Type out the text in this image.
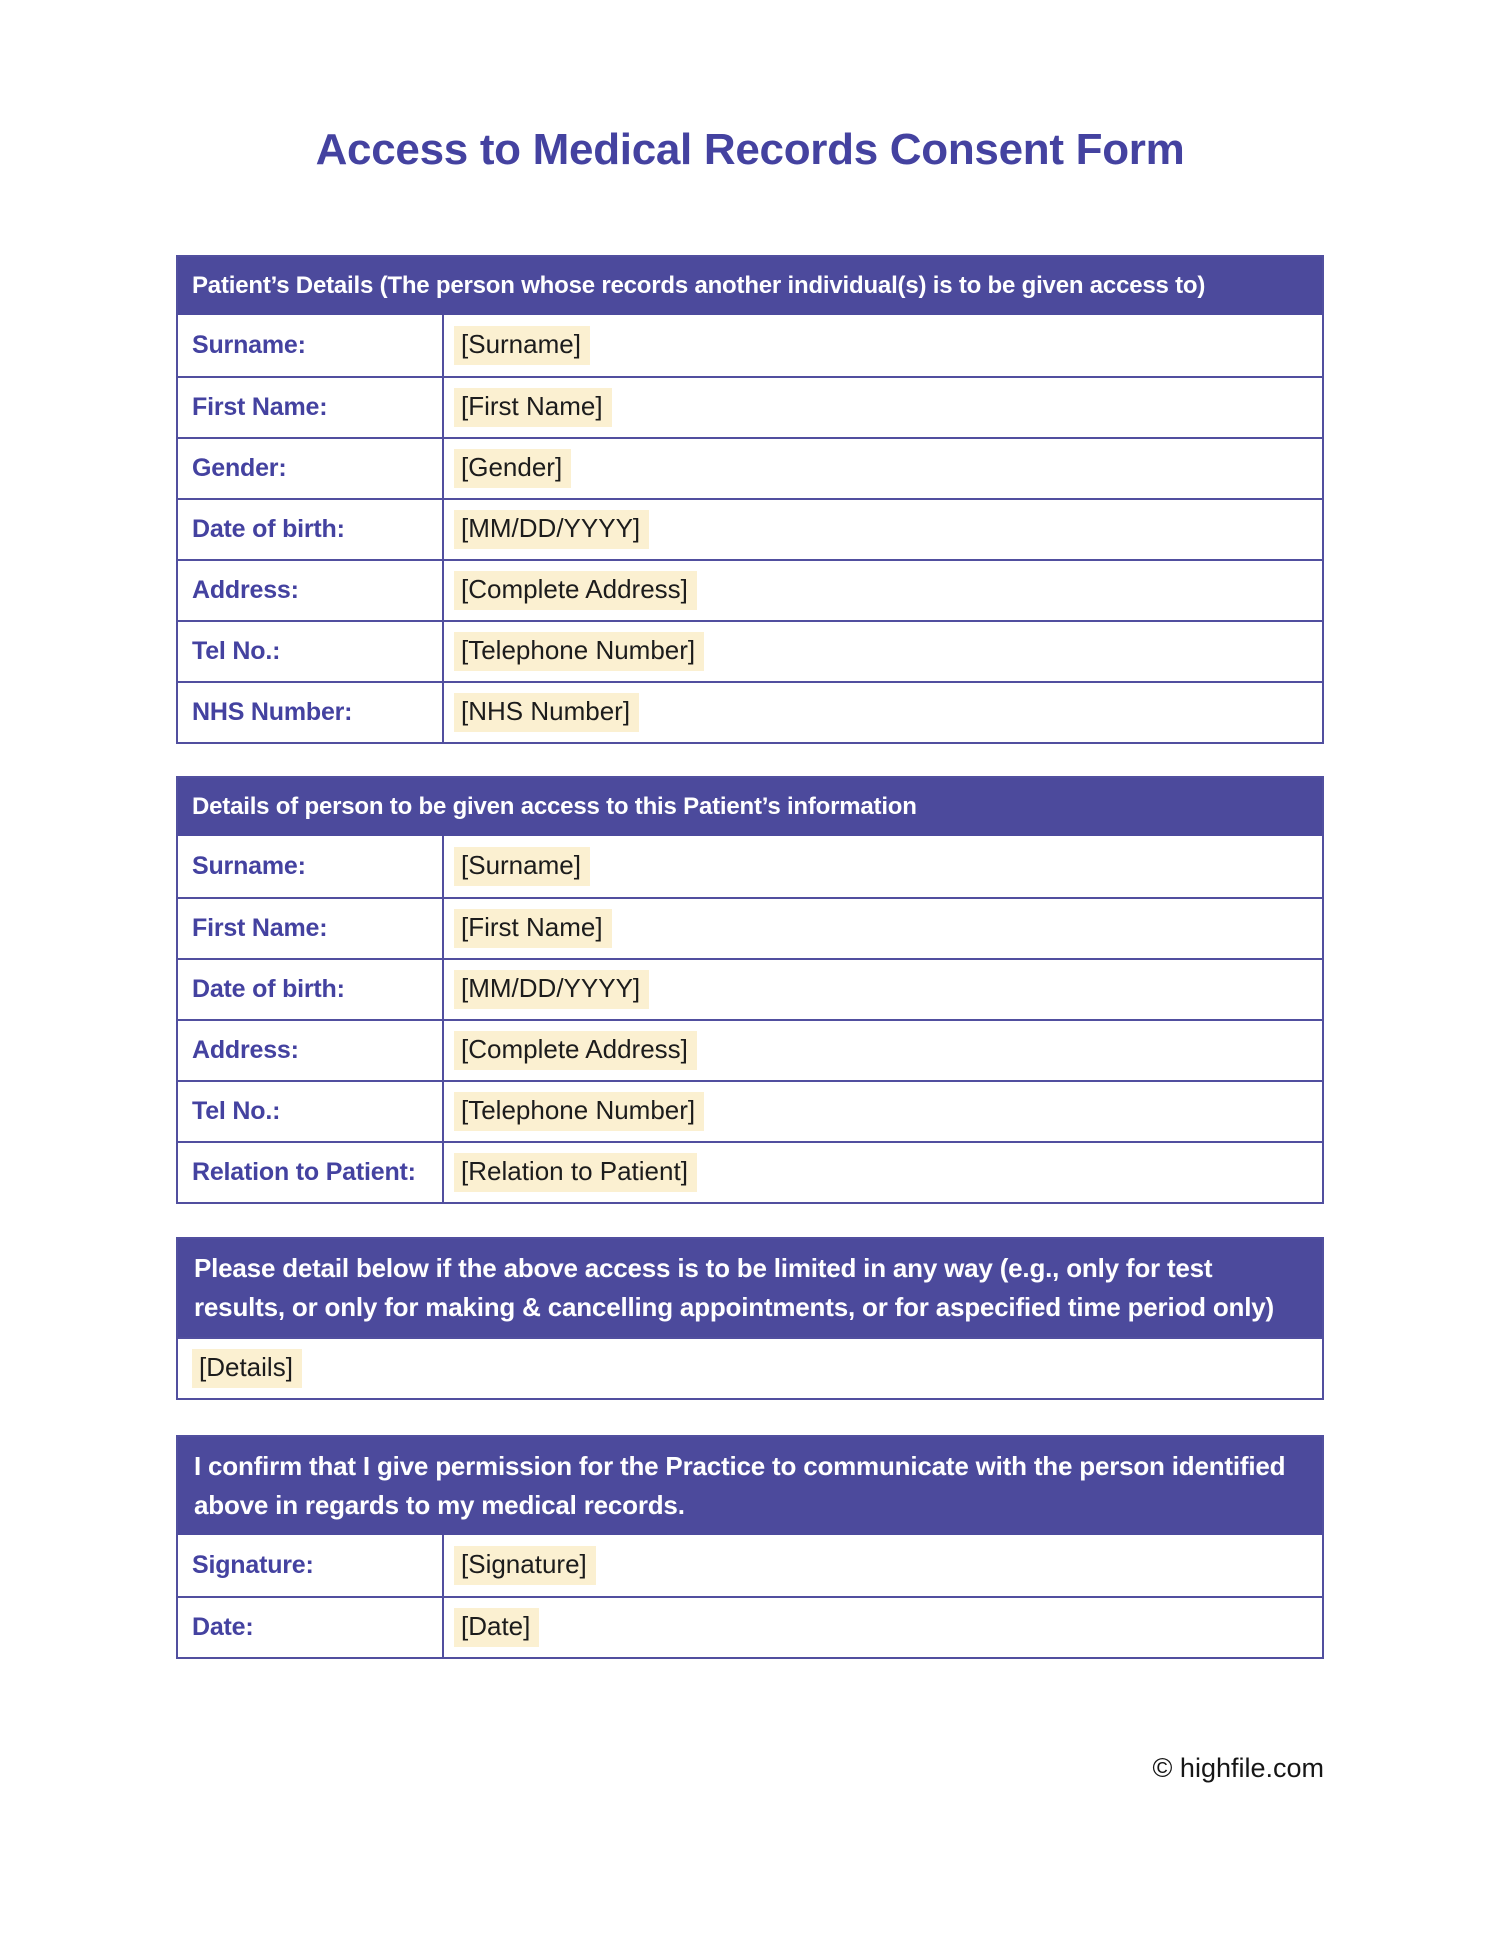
Access to Medical Records Consent Form
Patient’s Details (The person whose records another individual(s) is to be given access to)
Surname:	[Surname]
First Name:	[First Name]
Gender:	[Gender]
Date of birth:	[MM/DD/YYYY]
Address:	[Complete Address]
Tel No.:	[Telephone Number]
NHS Number:	[NHS Number]
Details of person to be given access to this Patient’s information
Surname:	[Surname]
First Name:	[First Name]
Date of birth:	[MM/DD/YYYY]
Address:	[Complete Address]
Tel No.:	[Telephone Number]
Relation to Patient:	[Relation to Patient]
Please detail below if the above access is to be limited in any way (e.g., only for test results, or only for making & cancelling appointments, or for aspecified time period only)
[Details]
I confirm that I give permission for the Practice to communicate with the person identified above in regards to my medical records.
Signature:	[Signature]
Date:	[Date]
© highfile.com
